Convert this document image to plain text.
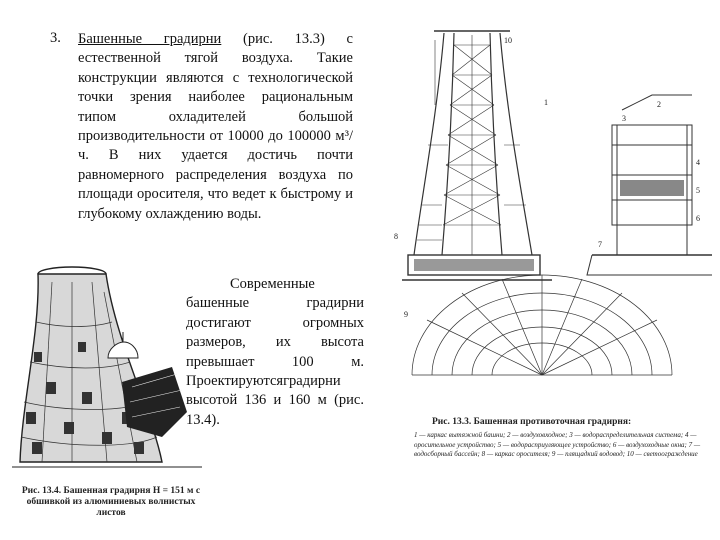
3. Башенные градирни (рис. 13.3) с естественной тягой воздуха. Такие конструкции являются с технологической точки зрения наиболее рациональным типом охладителей большой производительности от 10000 до 100000 м³/ч. В них удается достичь почти равномерного распределения воздуха по площади оросителя, что ведет к быстрому и глубокому охлаждению воды.
Современные башенные градирни достигают огромных размеров, их высота превышает 100 м. Проектируютсяградирни высотой 136 и 160 м (рис. 13.4).
10
1	2
3
4
5
6
7
8
9
Рис. 13.4. Башенная градирня H = 151 м с обшивкой из алюминиевых волнистых листов
Рис. 13.3. Башенная противоточная градирня:
1 — каркас вытяжной башни; 2 — воздуховходное; 3 — водораспределительная система; 4 — оросительное устройство; 5 — водорасприуляющее устройство; 6 — воздухоходные окна; 7 — водосборный бассейн; 8 — каркас оросителя; 9 — плящадкий водовод; 10 — светоограждение
